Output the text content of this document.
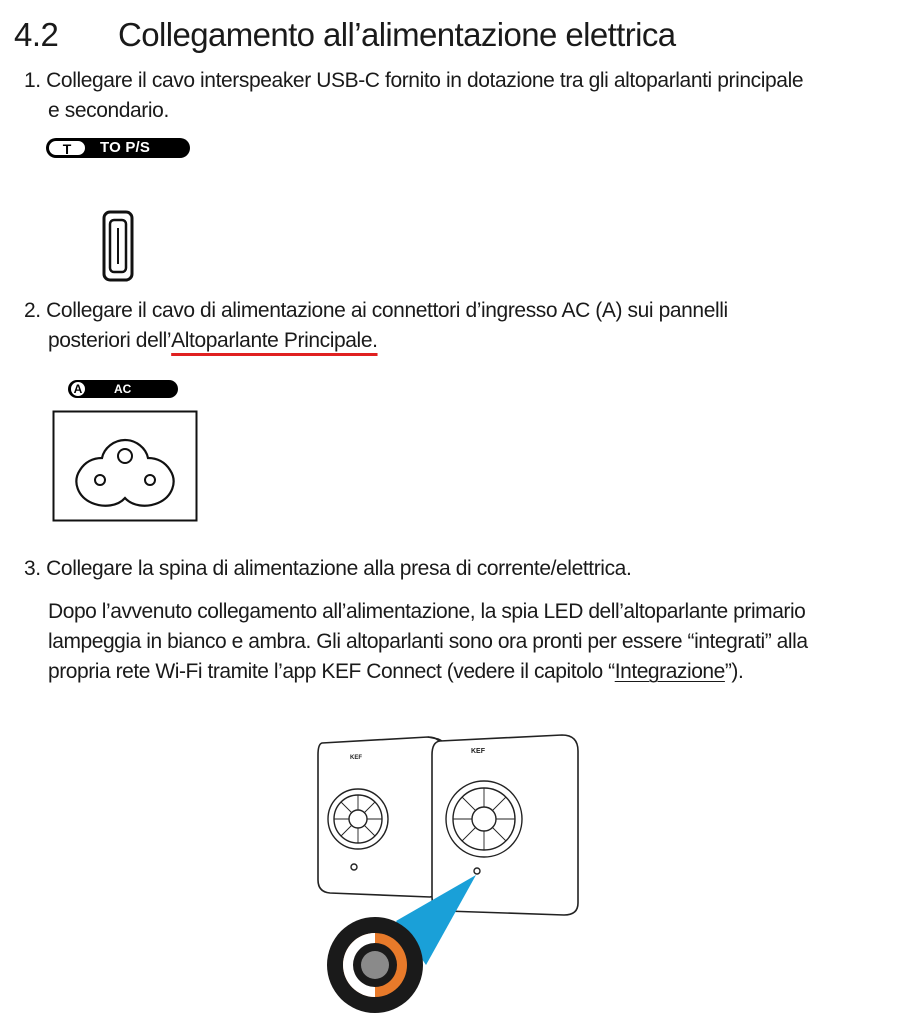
4.2 Collegamento all’alimentazione elettrica
1. Collegare il cavo interspeaker USB-C fornito in dotazione tra gli altoparlanti principale
e secondario.
T	TO P/S
2. Collegare il cavo di alimentazione ai connettori d’ingresso AC (A) sui pannelli
posteriori dell’Altoparlante Principale.
A	AC
3. Collegare la spina di alimentazione alla presa di corrente/elettrica.
Dopo l’avvenuto collegamento all’alimentazione, la spia LED dell’altoparlante primario
lampeggia in bianco e ambra. Gli altoparlanti sono ora pronti per essere “integrati” alla
propria rete Wi-Fi tramite l’app KEF Connect (vedere il capitolo “Integrazione”).
KEF
KEF
